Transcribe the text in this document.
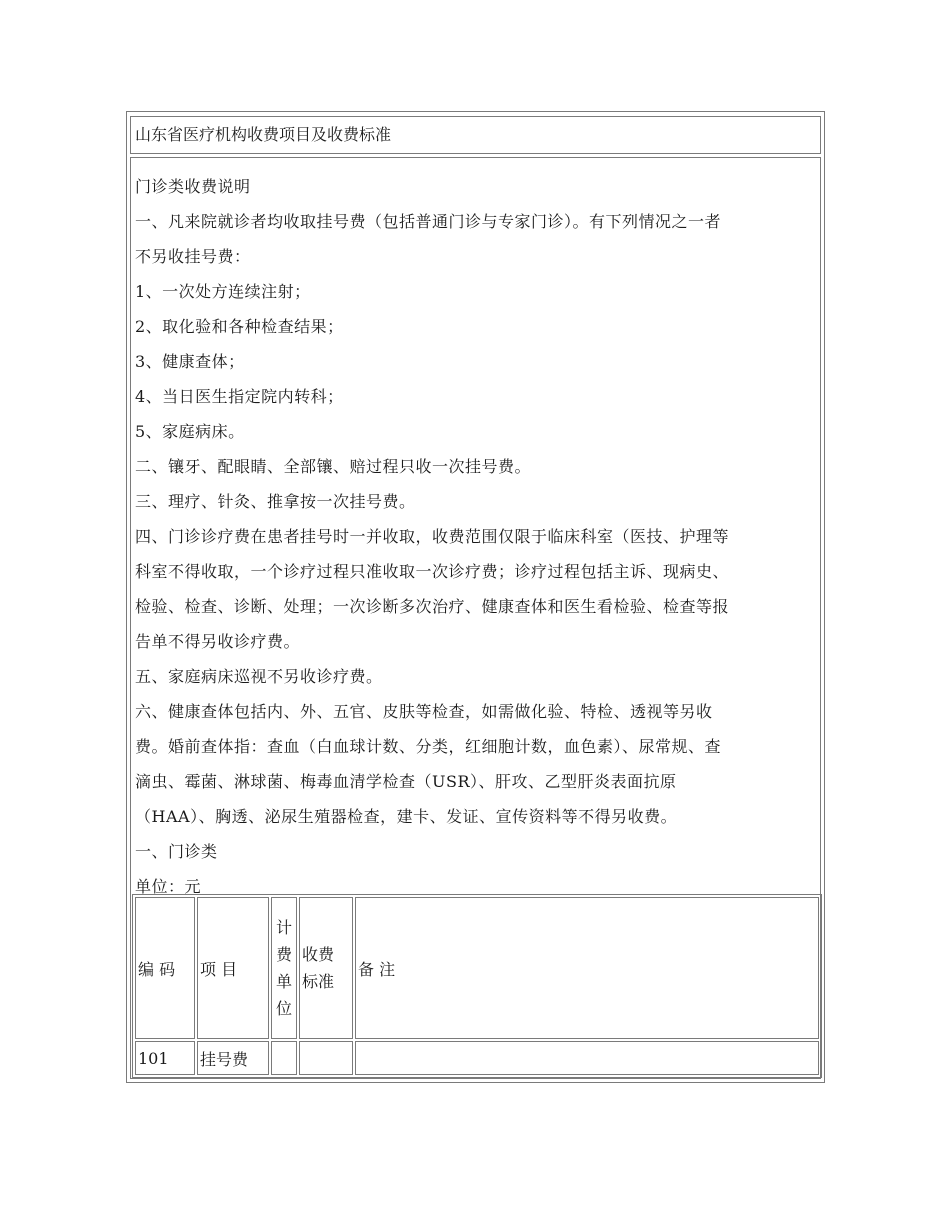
山东省医疗机构收费项目及收费标准
门诊类收费说明
一、凡来院就诊者均收取挂号费（包括普通门诊与专家门诊）。有下列情况之一者
不另收挂号费：
1、一次处方连续注射；
2、取化验和各种检查结果；
3、健康查体；
4、当日医生指定院内转科；
5、家庭病床。
二、镶牙、配眼睛、全部镶、赔过程只收一次挂号费。
三、理疗、针灸、推拿按一次挂号费。
四、门诊诊疗费在患者挂号时一并收取，收费范围仅限于临床科室（医技、护理等
科室不得收取，一个诊疗过程只准收取一次诊疗费；诊疗过程包括主诉、现病史、
检验、检查、诊断、处理；一次诊断多次治疗、健康查体和医生看检验、检查等报
告单不得另收诊疗费。
五、家庭病床巡视不另收诊疗费。
六、健康查体包括内、外、五官、皮肤等检查，如需做化验、特检、透视等另收
费。婚前查体指：查血（白血球计数、分类，红细胞计数，血色素）、尿常规、查
滴虫、霉菌、淋球菌、梅毒血清学检查（USR）、肝攻、乙型肝炎表面抗原
（HAA）、胸透、泌尿生殖器检查，建卡、发证、宣传资料等不得另收费。
一、门诊类
单位：元
编 码	项 目	计
费
单
位	收费
标准	备 注
101	挂号费			
